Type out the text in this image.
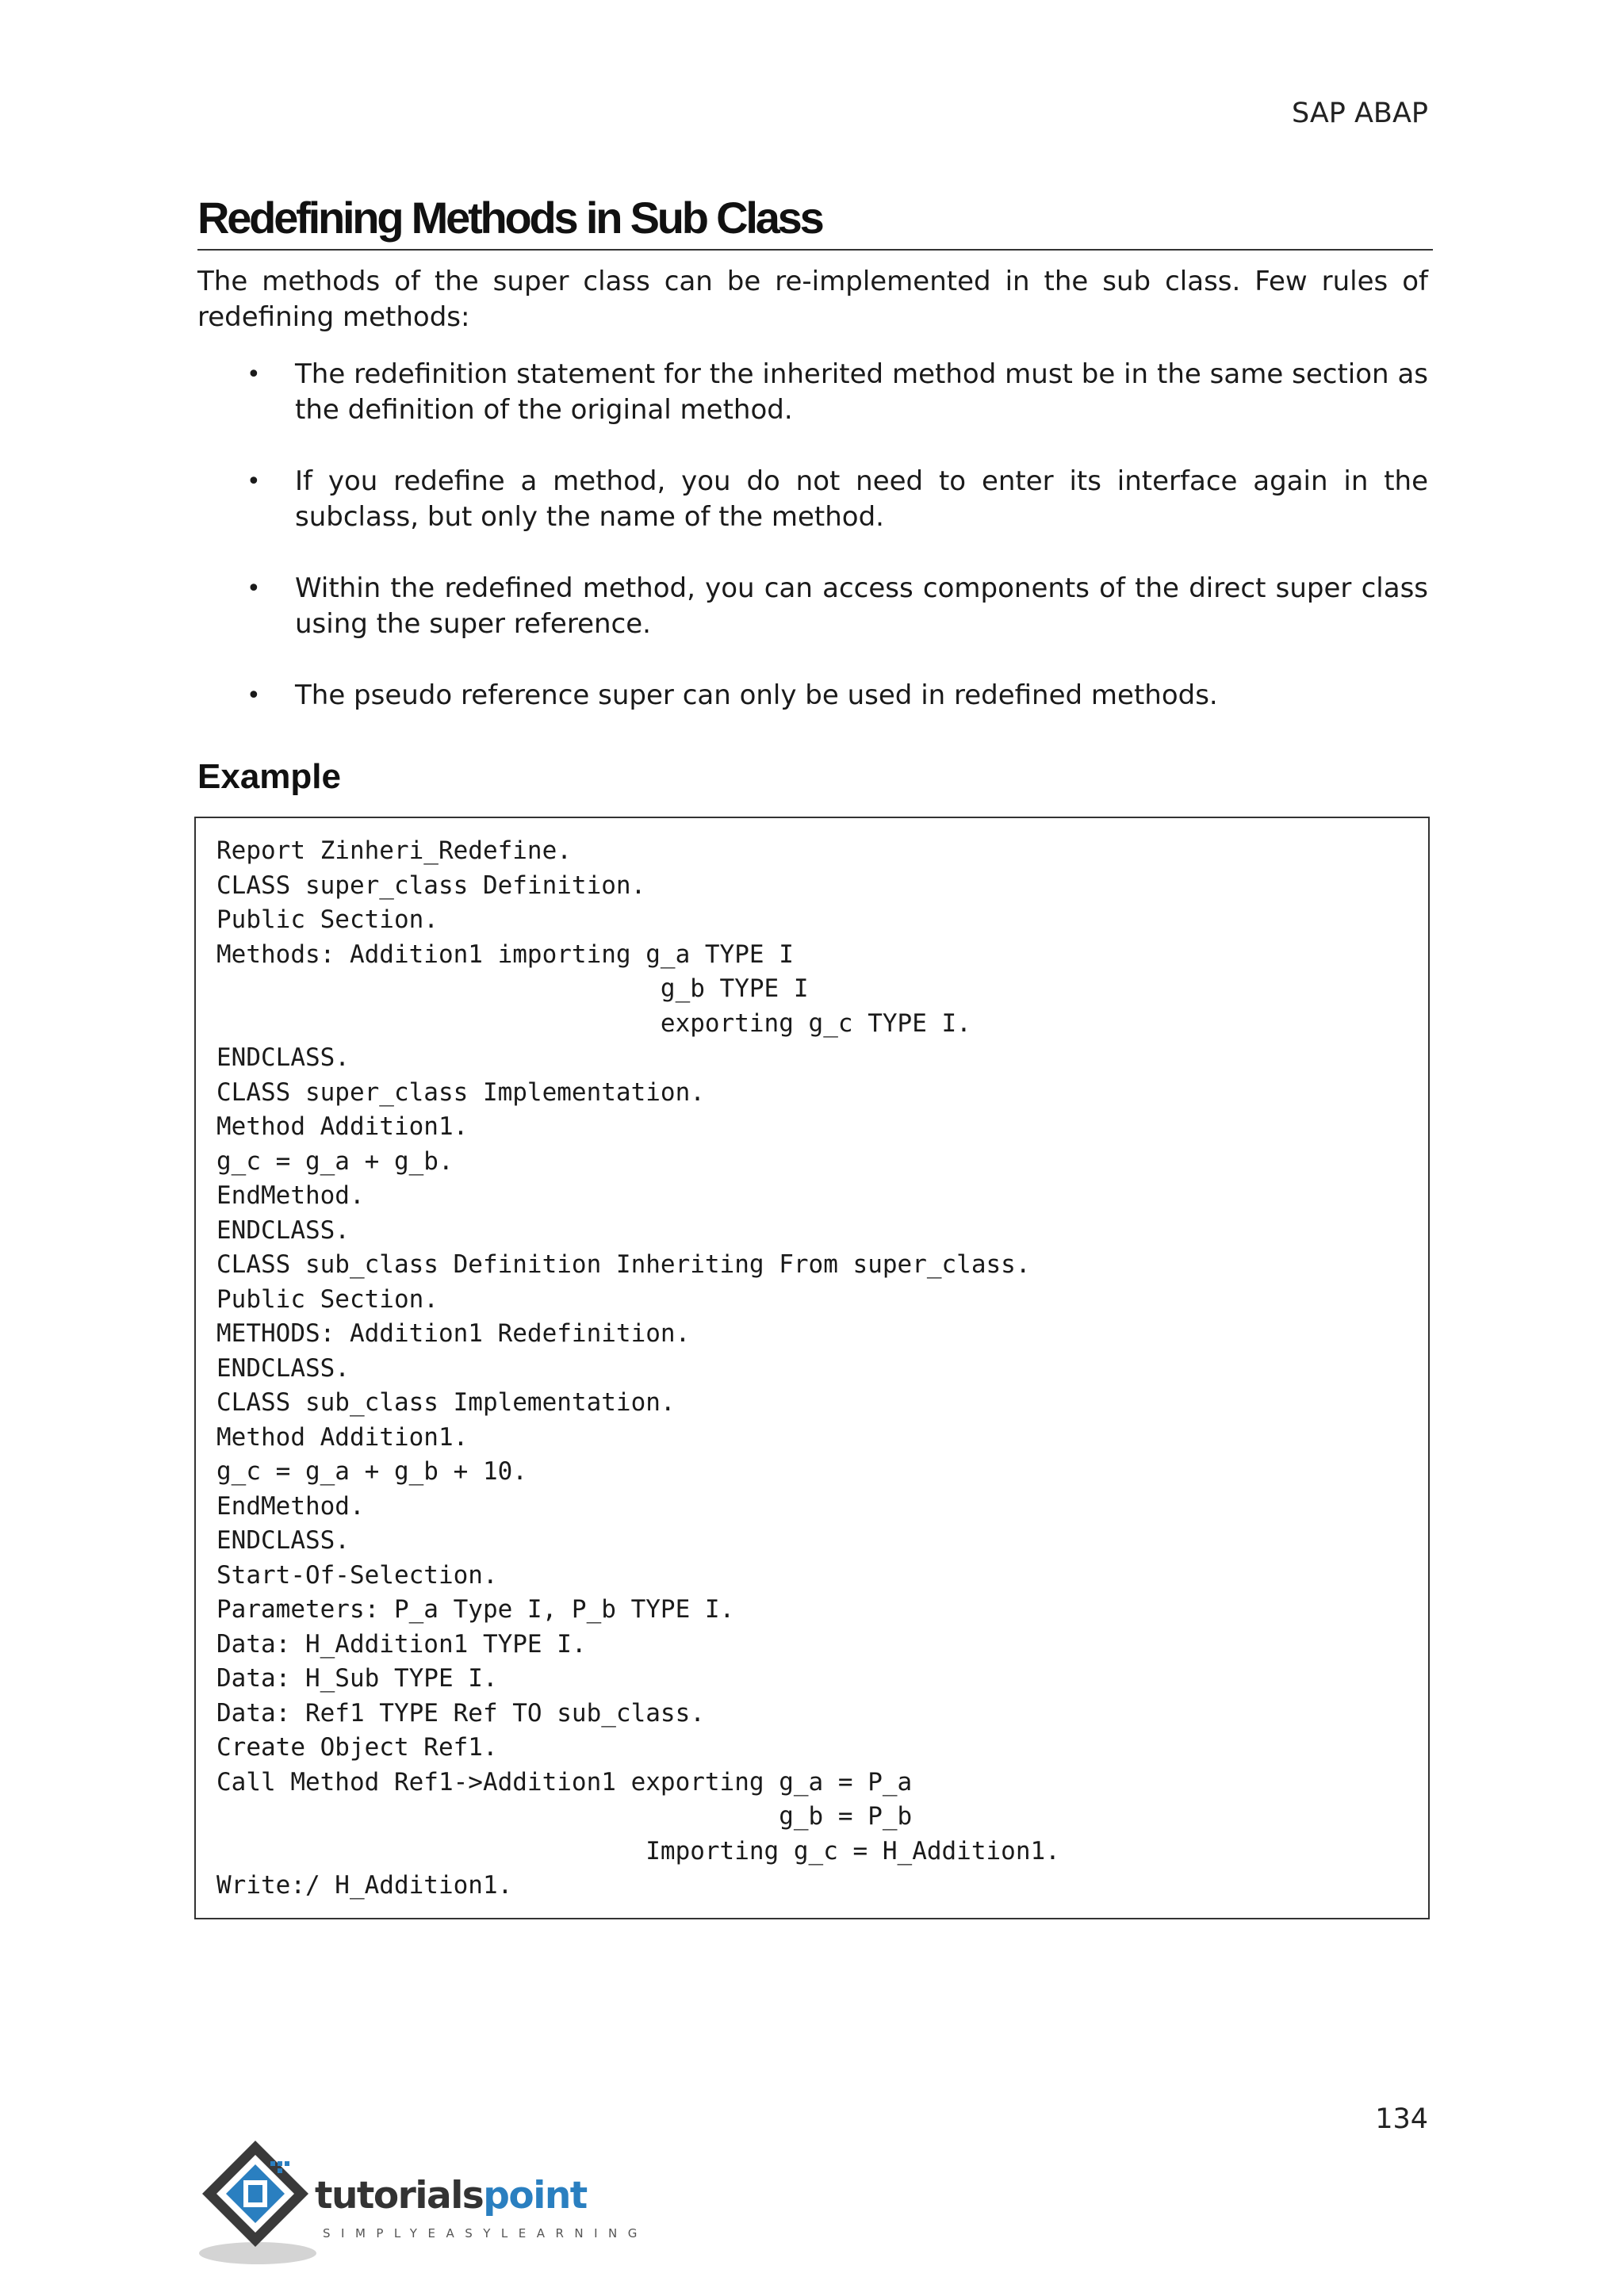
SAP ABAP
Redefining Methods in Sub Class

The methods of the super class can be re-implemented in the sub class. Few rules of redefining methods:

• The redefinition statement for the inherited method must be in the same section as the definition of the original method.
• If you redefine a method, you do not need to enter its interface again in the subclass, but only the name of the method.
• Within the redefined method, you can access components of the direct super class using the super reference.
• The pseudo reference super can only be used in redefined methods.
Example
Report Zinheri_Redefine.
CLASS super_class Definition.
Public Section.
Methods: Addition1 importing g_a TYPE I
g_b TYPE I
exporting g_c TYPE I.
ENDCLASS.
CLASS super_class Implementation.
Method Addition1.
g_c = g_a + g_b.
EndMethod.
ENDCLASS.
CLASS sub_class Definition Inheriting From super_class.
Public Section.
METHODS: Addition1 Redefinition.
ENDCLASS.
CLASS sub_class Implementation.
Method Addition1.
g_c = g_a + g_b + 10.
EndMethod.
ENDCLASS.
Start-Of-Selection.
Parameters: P_a Type I, P_b TYPE I.
Data: H_Addition1 TYPE I.
Data: H_Sub TYPE I.
Data: Ref1 TYPE Ref TO sub_class.
Create Object Ref1.
Call Method Ref1->Addition1 exporting g_a = P_a
g_b = P_b
Importing g_c = H_Addition1.
Write:/ H_Addition1.
134
tutorialspoint
SIMPLYEASYLEARNING
